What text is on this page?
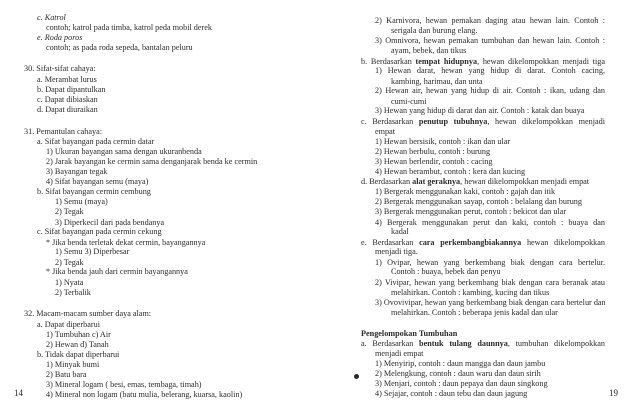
c. Katrol
contoh; katrol pada timba, katrol peda mobil derek
e. Roda poros
contoh; as pada roda sepeda, bantalan peluru
30. Sifat-sifat cahaya:
a. Merambat lurus
b. Dapat dipantulkan
c. Dapat dibiaskan
d. Dapat diuraikan
31. Pemantulan cahaya:
a. Sifat bayangan pada cermin datar
1) Ukuran bayangan sama dengan ukuranbenda
2) Jarak bayangan ke cermin sama denganjarak benda ke cermin
3) Bayangan tegak
4) Sifat bayangan semu (maya)
b. Sifat bayangan cermin cembung
1) Semu (maya)
2) Tegak
3) Diperkecil dari pada bendanya
c. Sifat bayangan pada cermin cekung
* Jika benda terletak dekat cermin, bayangannya
1) Semu 3) Diperbesar
2) Tegak
* Jika benda jauh dari cermin bayangannya
1) Nyata
2) Terbalik
32. Macam-macam sumber daya alam:
a. Dapat diperbarui
1) Tumbuhan c) Air
2) Hewan d) Tanah
b. Tidak dapat diperbarui
1) Minyak bumi
2) Batu bara
3) Mineral logam ( besi, emas, tembaga, timah)
4) Mineral non logam (batu mulia, belerang, kuarsa, kaolin)
14
2) Karnivora, hewan pemakan daging atau hewan lain. Contoh :
serigala dan burung elang.
3) Omnivora, hewan pemakan tumbuhan dan hewan lain. Contoh :
ayam, bebek, dan tikus
b. Berdasarkan tempat hidupnya, hewan dikelompokkan menjadi tiga
1) Hewan darat, hewan yang hidup di darat. Contoh cacing,
kambing, harimau, dan unta
2) Hewan air, hewan yang hidup di air. Contoh : ikan, udang dan
cumi-cumi
3) Hewan yang hidup di darat dan air. Contoh : katak dan buaya
c. Berdasarkan penutup tubuhnya, hewan dikelompokkan menjadi
empat
1) Hewan bersisik, contoh : ikan dan ular
2) Hewan berbulu, contoh : burung
3) Hewan berlendir, contoh : cacing
4) Hewan berambut, contoh : kera dan kucing
d. Berdasarkan alat geraknya, hewan dikelompokkan menjadi empat
1) Bergerak menggunakan kaki, contoh : gajah dan itik
2) Bergerak menggunakan sayap, contoh : belalang dan burung
3) Bergerak menggunakan perut, contoh : bekicot dan ular
4) Bergerak menggunakan perut dan kaki, contoh : buaya dan
kadal
e. Berdasarkan cara perkembangbiakannya hewan dikelompokkan
menjadi tiga.
1) Ovipar, hewan yang berkembang biak dengan cara bertelur.
Contoh : buaya, bebek dan penyu
2) Vivipar, hewan yang berkembang biak dengan cara beranak atau
melahirkan. Contoh : kambing, kucing dan tikus
3) Ovovivipar, hewan yang berkembang biak dengan cara bertelur dan
melahirkan. Contoh : beberapa jenis kadal dan ular
Pengelompokan Tumbuhan
a. Berdasarkan bentuk tulang daunnya, tumbuhan dikelompokkan
menjadi empat
1) Menyirip, contoh : daun mangga dan daun jambu
2) Melengkung, contoh : daun waru dan daun sirih
3) Menjari, contoh : daun pepaya dan daun singkong
4) Sejajar, contoh : daun tebu dan daun jagung	19
